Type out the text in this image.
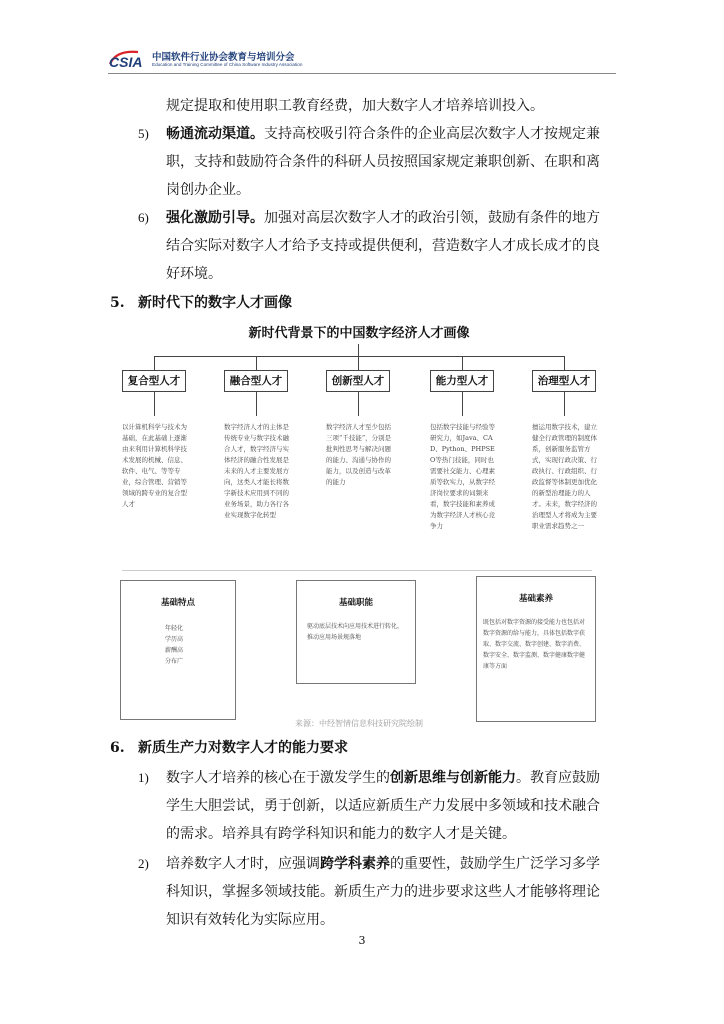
CSIA 中国软件行业协会教育与培训分会
Education and Training Committee of China Software Industry Association
规定提取和使用职工教育经费，加大数字人才培养培训投入。
5) 畅通流动渠道。支持高校吸引符合条件的企业高层次数字人才按规定兼
职，支持和鼓励符合条件的科研人员按照国家规定兼职创新、在职和离
岗创办企业。
6) 强化激励引导。加强对高层次数字人才的政治引领，鼓励有条件的地方
结合实际对数字人才给予支持或提供便利，营造数字人才成长成才的良
好环境。
5. 新时代下的数字人才画像
新时代背景下的中国数字经济人才画像
复合型人才	融合型人才	创新型人才	能力型人才	治理型人才
以计算机科学与技术为基础，在此基础上逐渐由来利用计算机科学技术发展的机械、信息、软件、电气、等等专业，综合管理、营销等领域的跨专业的复合型人才
数字经济人才的主体是传统专业与数字技术融合人才，数字经济与实体经济的融合性发展是未来的人才主要发展方向，这类人才能长将数字新技术应用到不同的业务场景，助力各行各业实现数字化转型
数字经济人才至少包括三项“千技能”，分别是批判性思考与解决问题的能力、沟通与协作的能力，以及创造与改革的能力
包括数字技能与经验等研究力，如Java、CAD、Python、PHPSEO等热门技能，同时也需要社交能力、心理素质等软实力，从数字经济岗位要求的词频来看，数字技能和素养成为数字经济人才核心竞争力
擅运用数字技术，建立健全行政管理的制度体系，创新服务监管方式，实现行政决策、行政执行、行政组织、行政监督等体制更加优化的新型治理能力的人才。未来，数字经济的治理型人才将成为主要职业需求趋势之一
基础特点
年轻化
学历高
薪酬高
分布广
基础职能
驱动底层技术向应用技术进行转化，推动应用场景规落地
基础素养
既包括对数字资源的接受能力也包括对数字资源的给与能力，具体包括数字获取、数字交流、数字创建、数字消费、数字安全、数字监测、数字健康数字健康等方面
来源：中经智情信息科技研究院绘制
6. 新质生产力对数字人才的能力要求
1) 数字人才培养的核心在于激发学生的创新思维与创新能力。教育应鼓励
学生大胆尝试，勇于创新，以适应新质生产力发展中多领域和技术融合
的需求。培养具有跨学科知识和能力的数字人才是关键。
2) 培养数字人才时，应强调跨学科素养的重要性，鼓励学生广泛学习多学
科知识，掌握多领域技能。新质生产力的进步要求这些人才能够将理论
知识有效转化为实际应用。
3
